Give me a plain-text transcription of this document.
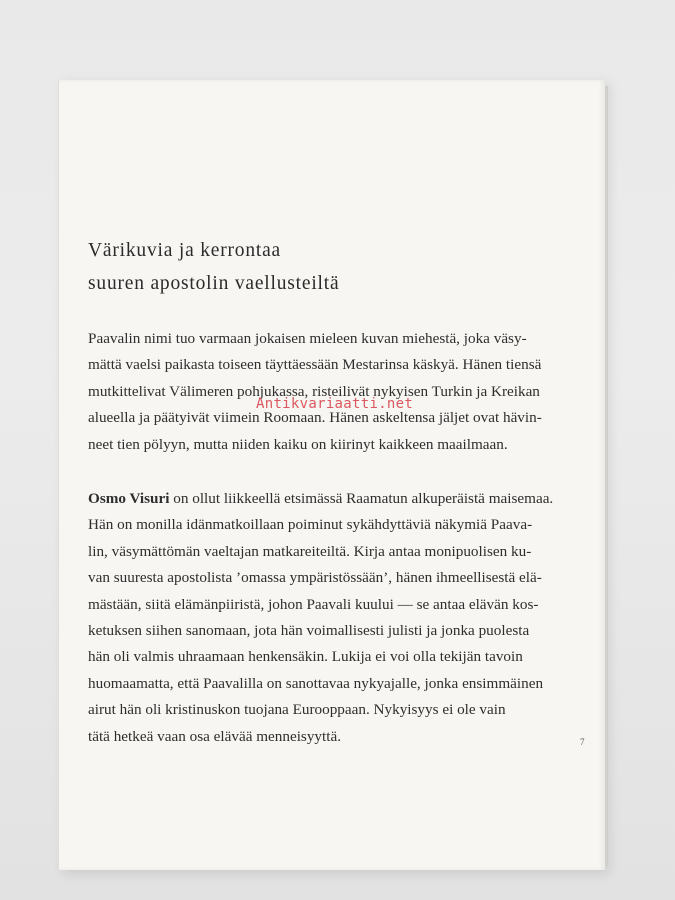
Värikuvia ja kerrontaa
suuren apostolin vaellusteiltä

Paavalin nimi tuo varmaan jokaisen mieleen kuvan miehestä, joka väsy-
mättä vaelsi paikasta toiseen täyttäessään Mestarinsa käskyä. Hänen tiensä
mutkittelivat Välimeren pohjukassa, risteilivät nykyisen Turkin ja Kreikan
alueella ja päätyivät viimein Roomaan. Hänen askeltensa jäljet ovat hävin-
neet tien pölyyn, mutta niiden kaiku on kiirinyt kaikkeen maailmaan.

Osmo Visuri on ollut liikkeellä etsimässä Raamatun alkuperäistä maisemaa.
Hän on monilla idänmatkoillaan poiminut sykähdyttäviä näkymiä Paava-
lin, väsymättömän vaeltajan matkareiteiltä. Kirja antaa monipuolisen ku-
van suuresta apostolista ’omassa ympäristössään’, hänen ihmeellisestä elä-
mästään, siitä elämänpiiristä, johon Paavali kuului — se antaa elävän kos-
ketuksen siihen sanomaan, jota hän voimallisesti julisti ja jonka puolesta
hän oli valmis uhraamaan henkensäkin. Lukija ei voi olla tekijän tavoin
huomaamatta, että Paavalilla on sanottavaa nykyajalle, jonka ensimmäinen
airut hän oli kristinuskon tuojana Eurooppaan. Nykyisyys ei ole vain
tätä hetkeä vaan osa elävää menneisyyttä.	7
Antikvariaatti.net
